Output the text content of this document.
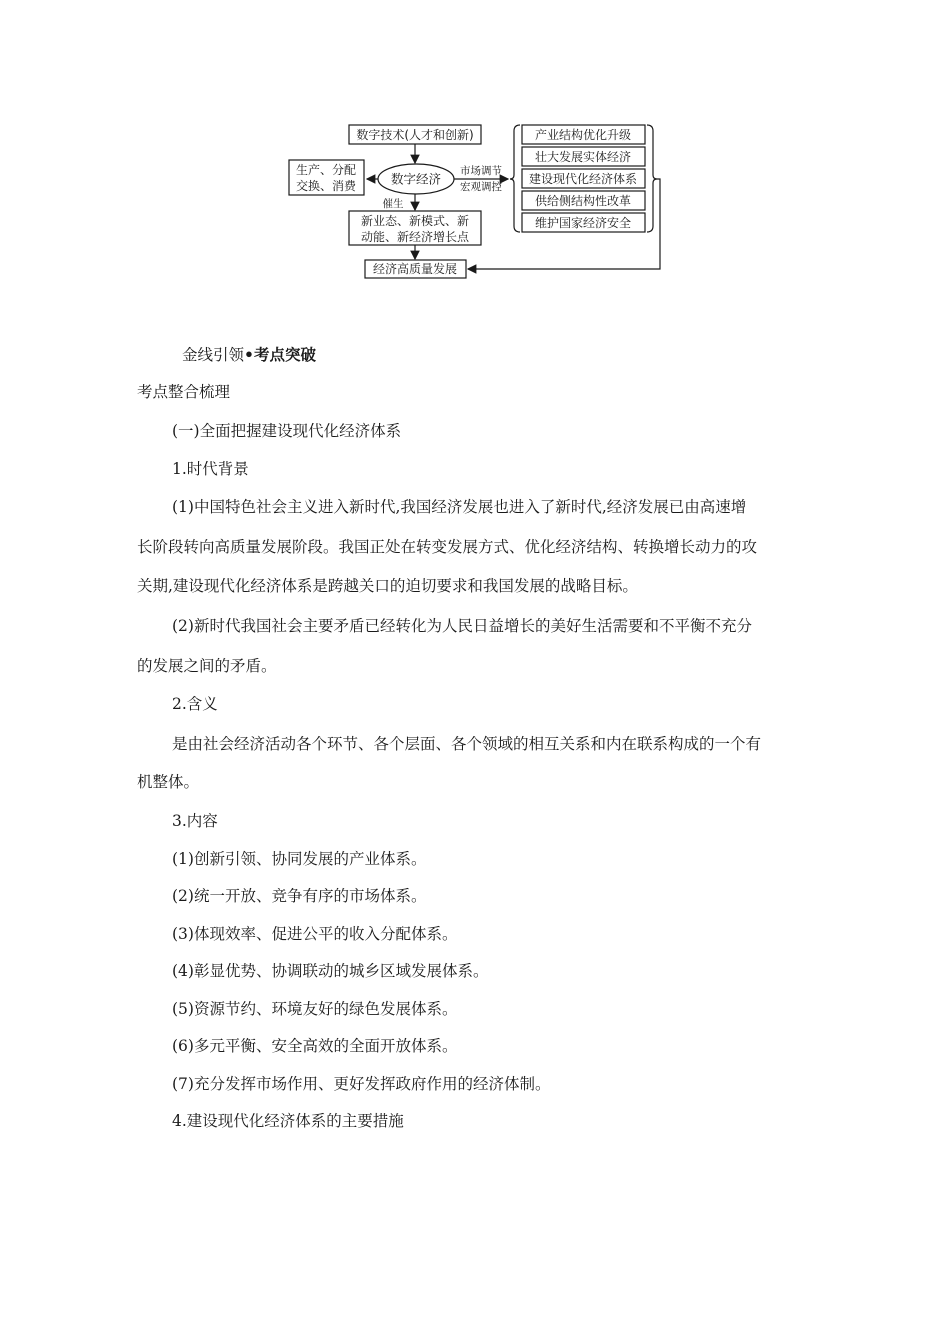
数字技术(人才和创新)
数字经济
生产、分配
交换、消费
市场调节
宏观调控
催生
新业态、新模式、新
动能、新经济增长点
经济高质量发展
产业结构优化升级
壮大发展实体经济
建设现代化经济体系
供给侧结构性改革
维护国家经济安全

金线引领•考点突破

考点整合梳理

(一)全面把握建设现代化经济体系

1.时代背景

(1)中国特色社会主义进入新时代,我国经济发展也进入了新时代,经济发展已由高速增

长阶段转向高质量发展阶段。我国正处在转变发展方式、优化经济结构、转换增长动力的攻

关期,建设现代化经济体系是跨越关口的迫切要求和我国发展的战略目标。

(2)新时代我国社会主要矛盾已经转化为人民日益增长的美好生活需要和不平衡不充分

的发展之间的矛盾。

2.含义

是由社会经济活动各个环节、各个层面、各个领域的相互关系和内在联系构成的一个有

机整体。

3.内容

(1)创新引领、协同发展的产业体系。

(2)统一开放、竞争有序的市场体系。

(3)体现效率、促进公平的收入分配体系。

(4)彰显优势、协调联动的城乡区域发展体系。

(5)资源节约、环境友好的绿色发展体系。

(6)多元平衡、安全高效的全面开放体系。

(7)充分发挥市场作用、更好发挥政府作用的经济体制。

4.建设现代化经济体系的主要措施
